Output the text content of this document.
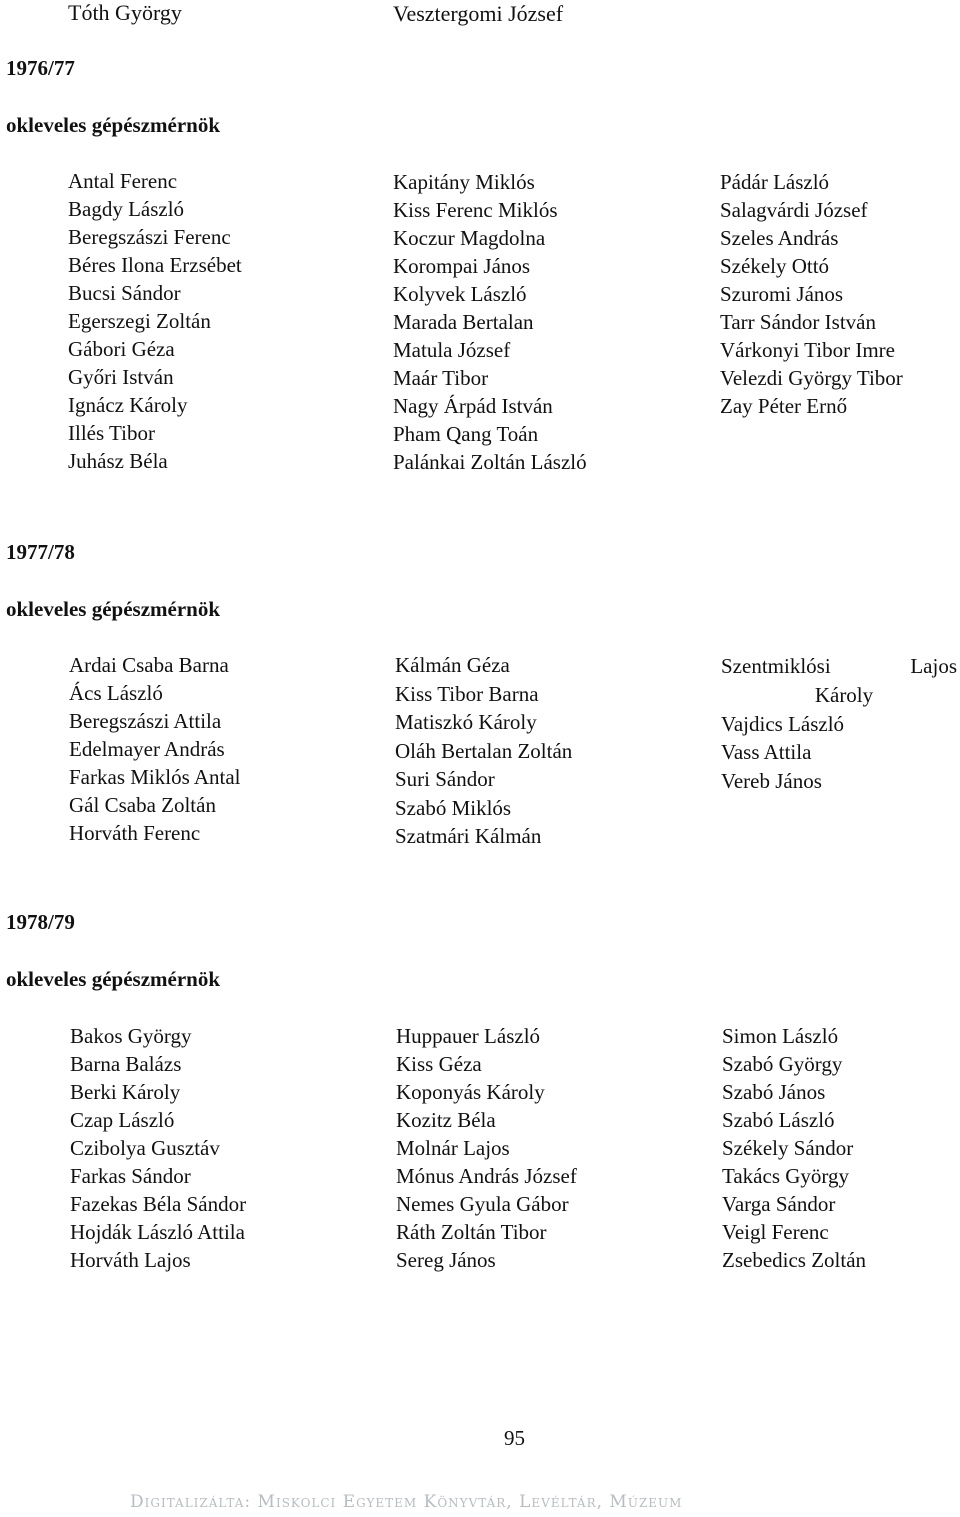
Tóth György	Vesztergomi József
1976/77
okleveles gépészmérnök
Antal Ferenc
Bagdy László
Beregszászi Ferenc
Béres Ilona Erzsébet
Bucsi Sándor
Egerszegi Zoltán
Gábori Géza
Győri István
Ignácz Károly
Illés Tibor
Juhász Béla
Kapitány Miklós
Kiss Ferenc Miklós
Koczur Magdolna
Korompai János
Kolyvek László
Marada Bertalan
Matula József
Maár Tibor
Nagy Árpád István
Pham Qang Toán
Palánkai Zoltán László
Pádár László
Salagvárdi József
Szeles András
Székely Ottó
Szuromi János
Tarr Sándor István
Várkonyi Tibor Imre
Velezdi György Tibor
Zay Péter Ernő
1977/78
okleveles gépészmérnök
Ardai Csaba Barna
Ács László
Beregszászi Attila
Edelmayer András
Farkas Miklós Antal
Gál Csaba Zoltán
Horváth Ferenc
Kálmán Géza
Kiss Tibor Barna
Matiszkó Károly
Oláh Bertalan Zoltán
Suri Sándor
Szabó Miklós
Szatmári Kálmán
Szentmiklósi	Lajos
Károly
Vajdics László
Vass Attila
Vereb János
1978/79
okleveles gépészmérnök
Bakos György
Barna Balázs
Berki Károly
Czap László
Czibolya Gusztáv
Farkas Sándor
Fazekas Béla Sándor
Hojdák László Attila
Horváth Lajos
Huppauer László
Kiss Géza
Koponyás Károly
Kozitz Béla
Molnár Lajos
Mónus András József
Nemes Gyula Gábor
Ráth Zoltán Tibor
Sereg János
Simon László
Szabó György
Szabó János
Szabó László
Székely Sándor
Takács György
Varga Sándor
Veigl Ferenc
Zsebedics Zoltán
95
Digitalizálta: Miskolci Egyetem Könyvtár, Levéltár, Múzeum
